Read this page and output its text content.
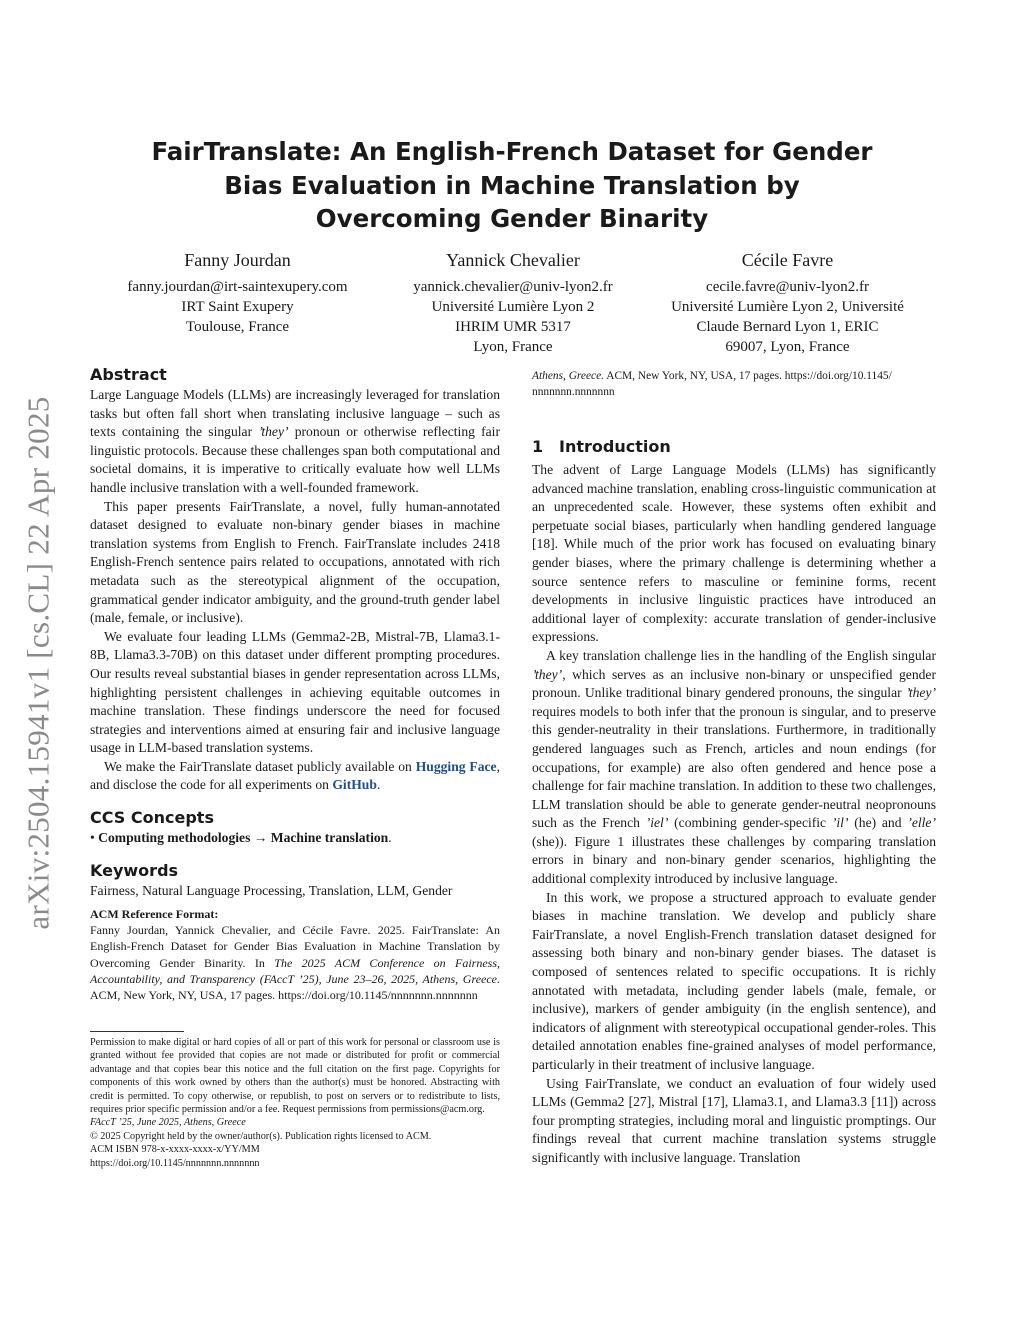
arXiv:2504.15941v1 [cs.CL] 22 Apr 2025
FairTranslate: An English-French Dataset for Gender Bias Evaluation in Machine Translation by Overcoming Gender Binarity
Fanny Jourdan
fanny.jourdan@irt-saintexupery.com
IRT Saint Exupery
Toulouse, France
Yannick Chevalier
yannick.chevalier@univ-lyon2.fr
Université Lumière Lyon 2
IHRIM UMR 5317
Lyon, France
Cécile Favre
cecile.favre@univ-lyon2.fr
Université Lumière Lyon 2, Université
Claude Bernard Lyon 1, ERIC
69007, Lyon, France
Abstract

Large Language Models (LLMs) are increasingly leveraged for translation tasks but often fall short when translating inclusive language – such as texts containing the singular ’they’ pronoun or otherwise reflecting fair linguistic protocols. Because these challenges span both computational and societal domains, it is imperative to critically evaluate how well LLMs handle inclusive translation with a well-founded framework.

This paper presents FairTranslate, a novel, fully human-annotated dataset designed to evaluate non-binary gender biases in machine translation systems from English to French. FairTranslate includes 2418 English-French sentence pairs related to occupations, annotated with rich metadata such as the stereotypical alignment of the occupation, grammatical gender indicator ambiguity, and the ground-truth gender label (male, female, or inclusive).

We evaluate four leading LLMs (Gemma2-2B, Mistral-7B, Llama3.1-8B, Llama3.3-70B) on this dataset under different prompting procedures. Our results reveal substantial biases in gender representation across LLMs, highlighting persistent challenges in achieving equitable outcomes in machine translation. These findings underscore the need for focused strategies and interventions aimed at ensuring fair and inclusive language usage in LLM-based translation systems.

We make the FairTranslate dataset publicly available on Hugging Face, and disclose the code for all experiments on GitHub.

CCS Concepts
• Computing methodologies → Machine translation.
Keywords

Fairness, Natural Language Processing, Translation, LLM, Gender

ACM Reference Format:
Fanny Jourdan, Yannick Chevalier, and Cécile Favre. 2025. FairTranslate: An English-French Dataset for Gender Bias Evaluation in Machine Translation by Overcoming Gender Binarity. In The 2025 ACM Conference on Fairness, Accountability, and Transparency (FAccT ’25), June 23–26, 2025, Athens, Greece. ACM, New York, NY, USA, 17 pages. https://doi.org/10.1145/nnnnnnn.nnnnnnn
Permission to make digital or hard copies of all or part of this work for personal or classroom use is granted without fee provided that copies are not made or distributed for profit or commercial advantage and that copies bear this notice and the full citation on the first page. Copyrights for components of this work owned by others than the author(s) must be honored. Abstracting with credit is permitted. To copy otherwise, or republish, to post on servers or to redistribute to lists, requires prior specific permission and/or a fee. Request permissions from permissions@acm.org.
FAccT ’25, June 2025, Athens, Greece
© 2025 Copyright held by the owner/author(s). Publication rights licensed to ACM.
ACM ISBN 978-x-xxxx-xxxx-x/YY/MM
https://doi.org/10.1145/nnnnnnn.nnnnnnn
Athens, Greece. ACM, New York, NY, USA, 17 pages. https://doi.org/10.1145/
nnnnnnn.nnnnnnn
1 Introduction

The advent of Large Language Models (LLMs) has significantly advanced machine translation, enabling cross-linguistic communication at an unprecedented scale. However, these systems often exhibit and perpetuate social biases, particularly when handling gendered language [18]. While much of the prior work has focused on evaluating binary gender biases, where the primary challenge is determining whether a source sentence refers to masculine or feminine forms, recent developments in inclusive linguistic practices have introduced an additional layer of complexity: accurate translation of gender-inclusive expressions.

A key translation challenge lies in the handling of the English singular ’they’, which serves as an inclusive non-binary or unspecified gender pronoun. Unlike traditional binary gendered pronouns, the singular ’they’ requires models to both infer that the pronoun is singular, and to preserve this gender-neutrality in their translations. Furthermore, in traditionally gendered languages such as French, articles and noun endings (for occupations, for example) are also often gendered and hence pose a challenge for fair machine translation. In addition to these two challenges, LLM translation should be able to generate gender-neutral neopronouns such as the French ’iel’ (combining gender-specific ’il’ (he) and ’elle’ (she)). Figure 1 illustrates these challenges by comparing translation errors in binary and non-binary gender scenarios, highlighting the additional complexity introduced by inclusive language.

In this work, we propose a structured approach to evaluate gender biases in machine translation. We develop and publicly share FairTranslate, a novel English-French translation dataset designed for assessing both binary and non-binary gender biases. The dataset is composed of sentences related to specific occupations. It is richly annotated with metadata, including gender labels (male, female, or inclusive), markers of gender ambiguity (in the english sentence), and indicators of alignment with stereotypical occupational gender-roles. This detailed annotation enables fine-grained analyses of model performance, particularly in their treatment of inclusive language.

Using FairTranslate, we conduct an evaluation of four widely used LLMs (Gemma2 [27], Mistral [17], Llama3.1, and Llama3.3 [11]) across four prompting strategies, including moral and linguistic promptings. Our findings reveal that current machine translation systems struggle significantly with inclusive language. Translation
